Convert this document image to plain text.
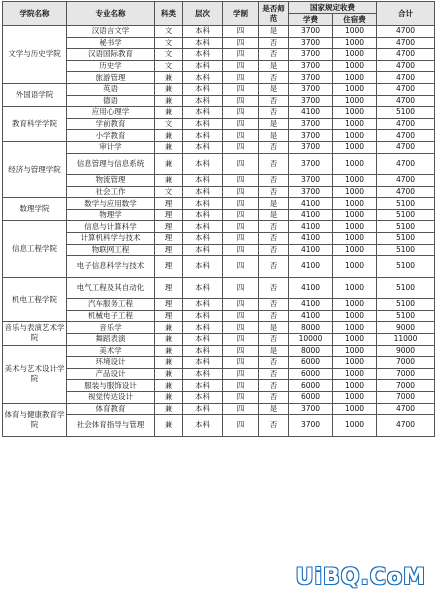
学院名称	专业名称	科类	层次	学制	是否师范	国家规定收费		合计
						学费	住宿费	
文学与历史学院	汉语言文学	文	本科	四	是	3700	1000	4700
	秘书学	文	本科	四	否	3700	1000	4700
	汉语国际教育	文	本科	四	否	3700	1000	4700
	历史学	文	本科	四	是	3700	1000	4700
	旅游管理	兼	本科	四	否	3700	1000	4700
外国语学院	英语	兼	本科	四	是	3700	1000	4700
	德语	兼	本科	四	否	3700	1000	4700
教育科学学院	应用心理学	兼	本科	四	否	4100	1000	5100
	学前教育	文	本科	四	是	3700	1000	4700
	小学教育	兼	本科	四	是	3700	1000	4700
经济与管理学院	审计学	兼	本科	四	否	3700	1000	4700
	信息管理与信息系统	兼	本科	四	否	3700	1000	4700
	物流管理	兼	本科	四	否	3700	1000	4700
	社会工作	文	本科	四	否	3700	1000	4700
数理学院	数学与应用数学	理	本科	四	是	4100	1000	5100
	物理学	理	本科	四	是	4100	1000	5100
信息工程学院	信息与计算科学	理	本科	四	否	4100	1000	5100
	计算机科学与技术	理	本科	四	否	4100	1000	5100
	物联网工程	理	本科	四	否	4100	1000	5100
	电子信息科学与技术	理	本科	四	否	4100	1000	5100
机电工程学院	电气工程及其自动化	理	本科	四	否	4100	1000	5100
	汽车服务工程	理	本科	四	否	4100	1000	5100
	机械电子工程	理	本科	四	否	4100	1000	5100
音乐与表演艺术学院	音乐学	兼	本科	四	是	8000	1000	9000
	舞蹈表演	兼	本科	四	否	10000	1000	11000
美术与艺术设计学院	美术学	兼	本科	四	是	8000	1000	9000
	环境设计	兼	本科	四	否	6000	1000	7000
	产品设计	兼	本科	四	否	6000	1000	7000
	服装与服饰设计	兼	本科	四	否	6000	1000	7000
	视觉传达设计	兼	本科	四	否	6000	1000	7000
体育与健康教育学院	体育教育	兼	本科	四	是	3700	1000	4700
	社会体育指导与管理	兼	本科	四	否	3700	1000	4700
UiBQ.CoM
